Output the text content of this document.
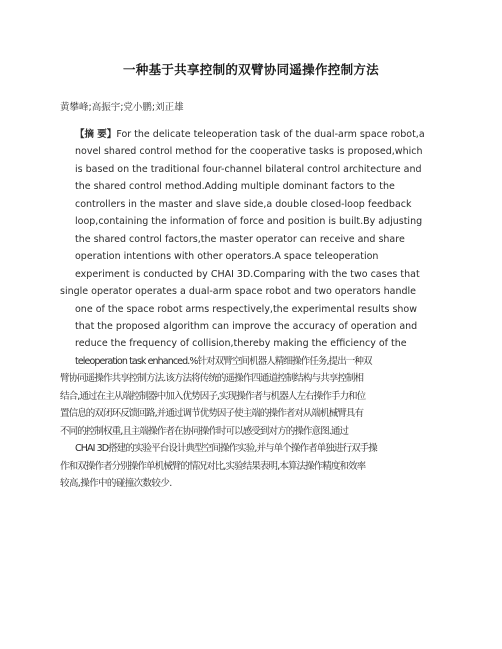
一种基于共享控制的双臂协同遥操作控制方法
黄攀峰;高振宇;党小鹏;刘正雄
【摘 要】For the delicate teleoperation task of the dual-arm space robot,a
novel shared control method for the cooperative tasks is proposed,which
is based on the traditional four-channel bilateral control architecture and
the shared control method.Adding multiple dominant factors to the
controllers in the master and slave side,a double closed-loop feedback
loop,containing the information of force and position is built.By adjusting
the shared control factors,the master operator can receive and share
operation intentions with other operators.A space teleoperation
experiment is conducted by CHAI 3D.Comparing with the two cases that
single operator operates a dual-arm space robot and two operators handle
one of the space robot arms respectively,the experimental results show
that the proposed algorithm can improve the accuracy of operation and
reduce the frequency of collision,thereby making the efficiency of the
teleoperation task enhanced.%针对双臂空间机器人精细操作任务,提出一种双
臂协同遥操作共享控制方法.该方法将传统的遥操作四通道控制结构与共享控制相
结合,通过在主从端控制器中加入优势因子,实现操作者与机器人左右操作手力和位
置信息的双闭环反馈回路,并通过调节优势因子使主端的操作者对从端机械臂具有
不同的控制权重,且主端操作者在协同操作时可以感受到对方的操作意图.通过
CHAI 3D搭建的实验平台设计典型空间操作实验,并与单个操作者单独进行双手操
作和双操作者分别操作单机械臂的情况对比,实验结果表明,本算法操作精度和效率
较高,操作中的碰撞次数较少.
